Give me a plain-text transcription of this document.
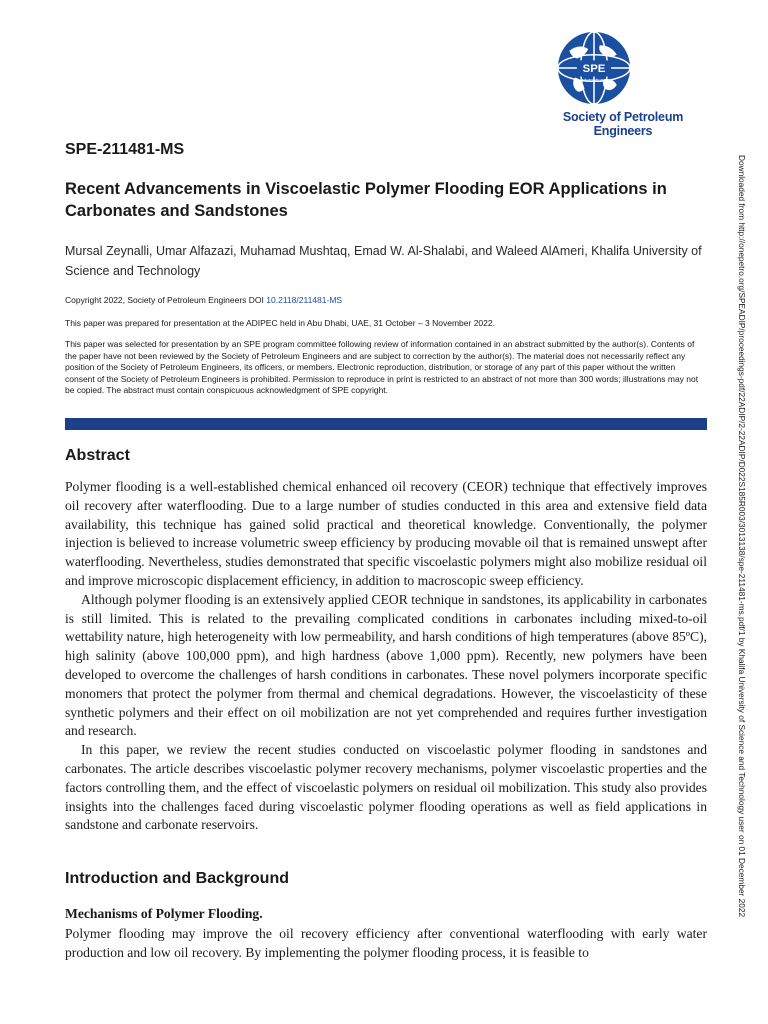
SPE
International
Society of Petroleum Engineers
SPE-211481-MS
Recent Advancements in Viscoelastic Polymer Flooding EOR Applications in Carbonates and Sandstones

Mursal Zeynalli, Umar Alfazazi, Muhamad Mushtaq, Emad W. Al-Shalabi, and Waleed AlAmeri, Khalifa University of Science and Technology

Copyright 2022, Society of Petroleum Engineers DOI 10.2118/211481-MS

This paper was prepared for presentation at the ADIPEC held in Abu Dhabi, UAE, 31 October – 3 November 2022.

This paper was selected for presentation by an SPE program committee following review of information contained in an abstract submitted by the author(s). Contents of the paper have not been reviewed by the Society of Petroleum Engineers and are subject to correction by the author(s). The material does not necessarily reflect any position of the Society of Petroleum Engineers, its officers, or members. Electronic reproduction, distribution, or storage of any part of this paper without the written consent of the Society of Petroleum Engineers is prohibited. Permission to reproduce in print is restricted to an abstract of not more than 300 words; illustrations may not be copied. The abstract must contain conspicuous acknowledgment of SPE copyright.

Abstract

Polymer flooding is a well-established chemical enhanced oil recovery (CEOR) technique that effectively improves oil recovery after waterflooding. Due to a large number of studies conducted in this area and extensive field data availability, this technique has gained solid practical and theoretical knowledge. Conventionally, the polymer injection is believed to increase volumetric sweep efficiency by producing movable oil that is remained unswept after waterflooding. Nevertheless, studies demonstrated that specific viscoelastic polymers might also mobilize residual oil and improve microscopic displacement efficiency, in addition to macroscopic sweep efficiency.

Although polymer flooding is an extensively applied CEOR technique in sandstones, its applicability in carbonates is still limited. This is related to the prevailing complicated conditions in carbonates including mixed-to-oil wettability nature, high heterogeneity with low permeability, and harsh conditions of high temperatures (above 85ºC), high salinity (above 100,000 ppm), and high hardness (above 1,000 ppm). Recently, new polymers have been developed to overcome the challenges of harsh conditions in carbonates. These novel polymers incorporate specific monomers that protect the polymer from thermal and chemical degradations. However, the viscoelasticity of these synthetic polymers and their effect on oil mobilization are not yet comprehended and requires further investigation and research.

In this paper, we review the recent studies conducted on viscoelastic polymer flooding in sandstones and carbonates. The article describes viscoelastic polymer recovery mechanisms, polymer viscoelastic properties and the factors controlling them, and the effect of viscoelastic polymers on residual oil mobilization. This study also provides insights into the challenges faced during viscoelastic polymer flooding operations as well as field applications in sandstone and carbonate reservoirs.

Introduction and Background

Mechanisms of Polymer Flooding.

Polymer flooding may improve the oil recovery efficiency after conventional waterflooding with early water production and low oil recovery. By implementing the polymer flooding process, it is feasible to

Downloaded from http://onepetro.org/SPEADIP/proceedings-pdf/22ADIP/2-22ADIP/D022S185R003/3013138/spe-211481-ms.pdf/1 by Khalifa University of Science and Technology user on 01 December 2022
